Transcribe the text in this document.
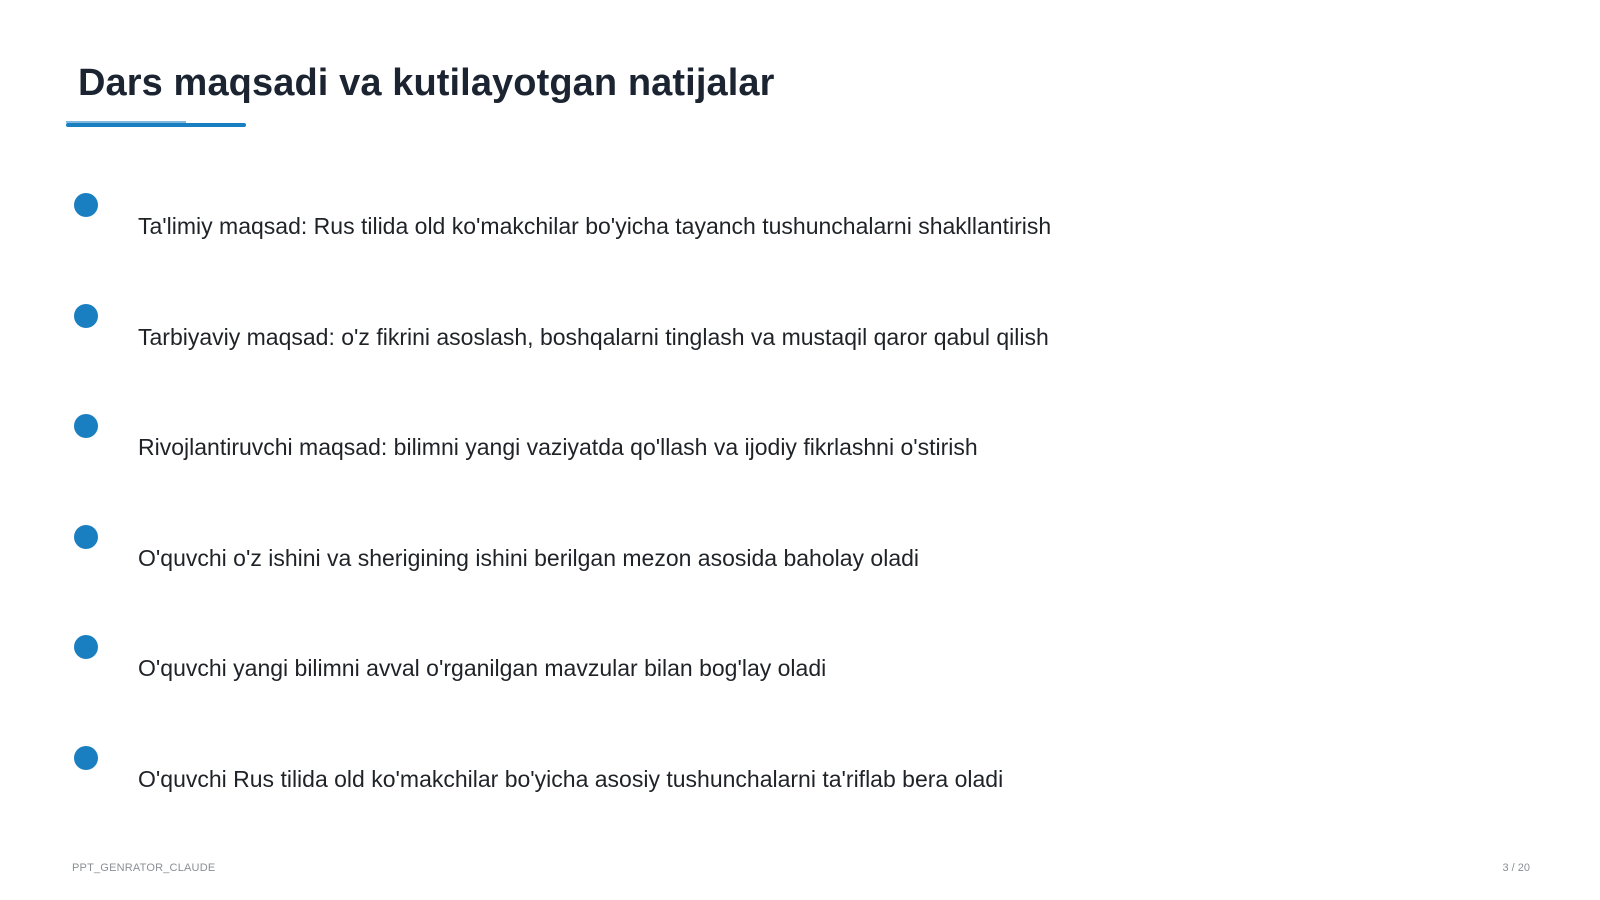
Dars maqsadi va kutilayotgan natijalar
Ta'limiy maqsad: Rus tilida old ko'makchilar bo'yicha tayanch tushunchalarni shakllantirish
Tarbiyaviy maqsad: o'z fikrini asoslash, boshqalarni tinglash va mustaqil qaror qabul qilish
Rivojlantiruvchi maqsad: bilimni yangi vaziyatda qo'llash va ijodiy fikrlashni o'stirish
O'quvchi o'z ishini va sherigining ishini berilgan mezon asosida baholay oladi
O'quvchi yangi bilimni avval o'rganilgan mavzular bilan bog'lay oladi
O'quvchi Rus tilida old ko'makchilar bo'yicha asosiy tushunchalarni ta'riflab bera oladi
PPT_GENRATOR_CLAUDE	3 / 20
